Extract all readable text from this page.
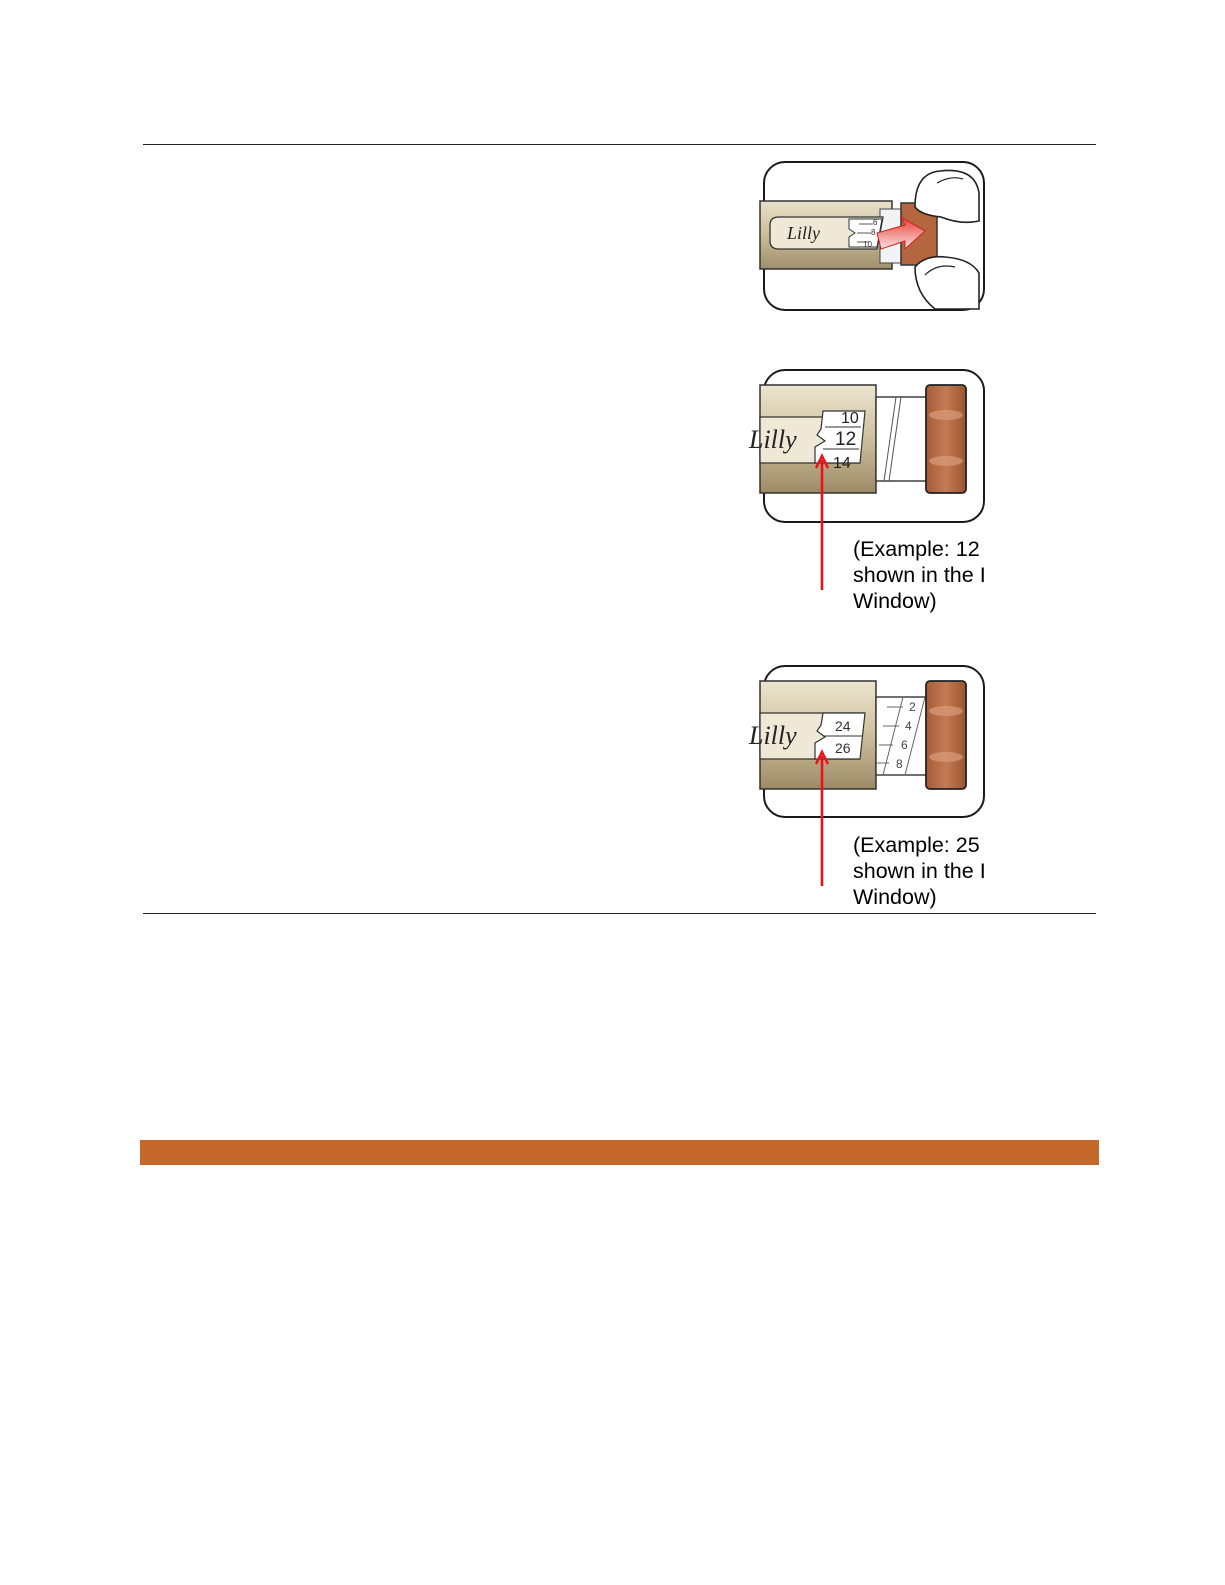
6
8
10
Lilly
10
12
14
Lilly
(Example: 12
shown in the I
Window)
2
4
6
8
24
26
Lilly
(Example: 25
shown in the I
Window)
